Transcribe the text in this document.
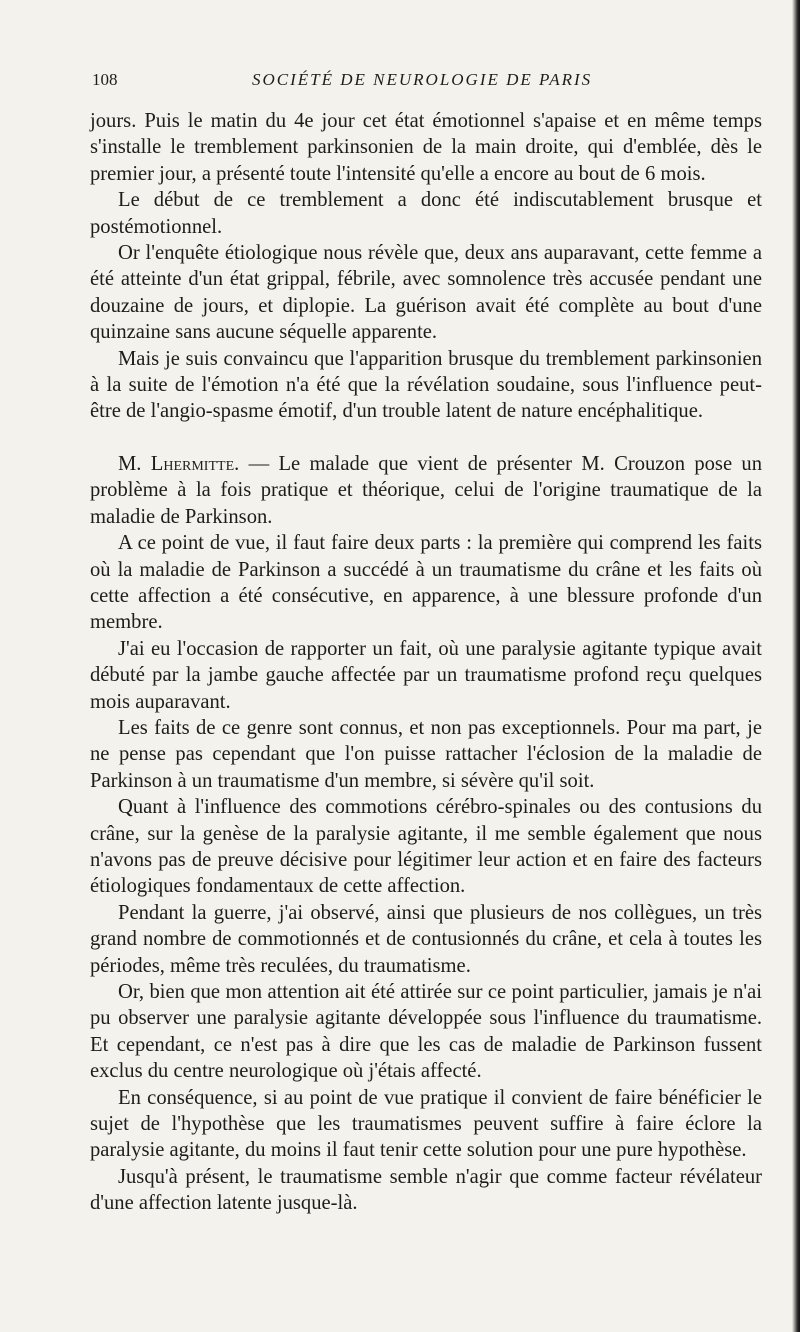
108	SOCIÉTÉ DE NEUROLOGIE DE PARIS

jours. Puis le matin du 4e jour cet état émotionnel s'apaise et en même temps s'installe le tremblement parkinsonien de la main droite, qui d'emblée, dès le premier jour, a présenté toute l'intensité qu'elle a encore au bout de 6 mois.

Le début de ce tremblement a donc été indiscutablement brusque et postémotionnel.

Or l'enquête étiologique nous révèle que, deux ans auparavant, cette femme a été atteinte d'un état grippal, fébrile, avec somnolence très accusée pendant une douzaine de jours, et diplopie. La guérison avait été complète au bout d'une quinzaine sans aucune séquelle apparente.

Mais je suis convaincu que l'apparition brusque du tremblement parkinsonien à la suite de l'émotion n'a été que la révélation soudaine, sous l'influence peut-être de l'angio-spasme émotif, d'un trouble latent de nature encéphalitique.

M. Lhermitte. — Le malade que vient de présenter M. Crouzon pose un problème à la fois pratique et théorique, celui de l'origine traumatique de la maladie de Parkinson.

A ce point de vue, il faut faire deux parts : la première qui comprend les faits où la maladie de Parkinson a succédé à un traumatisme du crâne et les faits où cette affection a été consécutive, en apparence, à une blessure profonde d'un membre.

J'ai eu l'occasion de rapporter un fait, où une paralysie agitante typique avait débuté par la jambe gauche affectée par un traumatisme profond reçu quelques mois auparavant.

Les faits de ce genre sont connus, et non pas exceptionnels. Pour ma part, je ne pense pas cependant que l'on puisse rattacher l'éclosion de la maladie de Parkinson à un traumatisme d'un membre, si sévère qu'il soit.

Quant à l'influence des commotions cérébro-spinales ou des contusions du crâne, sur la genèse de la paralysie agitante, il me semble également que nous n'avons pas de preuve décisive pour légitimer leur action et en faire des facteurs étiologiques fondamentaux de cette affection.

Pendant la guerre, j'ai observé, ainsi que plusieurs de nos collègues, un très grand nombre de commotionnés et de contusionnés du crâne, et cela à toutes les périodes, même très reculées, du traumatisme.

Or, bien que mon attention ait été attirée sur ce point particulier, jamais je n'ai pu observer une paralysie agitante développée sous l'influence du traumatisme. Et cependant, ce n'est pas à dire que les cas de maladie de Parkinson fussent exclus du centre neurologique où j'étais affecté.

En conséquence, si au point de vue pratique il convient de faire bénéficier le sujet de l'hypothèse que les traumatismes peuvent suffire à faire éclore la paralysie agitante, du moins il faut tenir cette solution pour une pure hypothèse.

Jusqu'à présent, le traumatisme semble n'agir que comme facteur révélateur d'une affection latente jusque-là.
